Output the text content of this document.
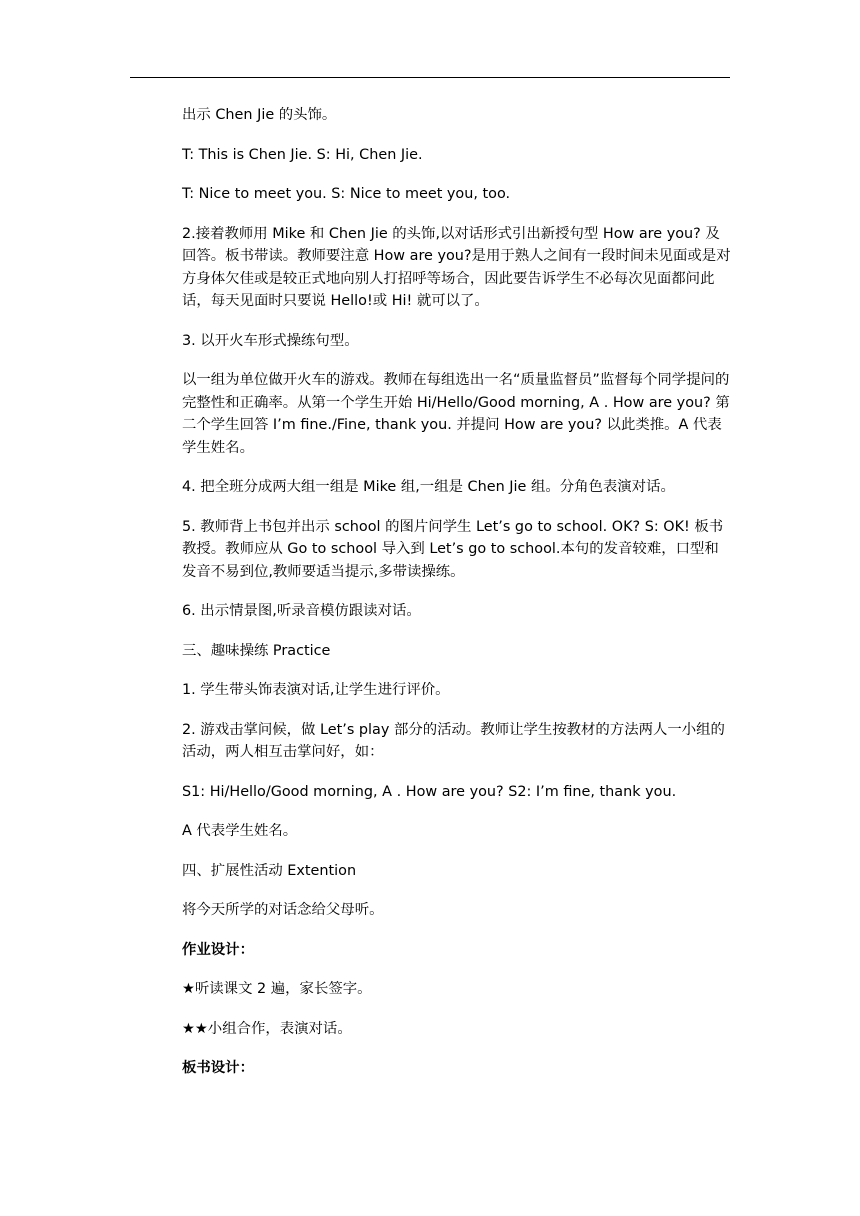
出示 Chen Jie 的头饰。

T: This is Chen Jie. S: Hi, Chen Jie.

T: Nice to meet you. S: Nice to meet you, too.

2.接着教师用 Mike 和 Chen Jie 的头饰,以对话形式引出新授句型 How are you? 及回答。板书带读。教师要注意 How are you?是用于熟人之间有一段时间未见面或是对方身体欠佳或是较正式地向别人打招呼等场合，因此要告诉学生不必每次见面都问此话，每天见面时只要说 Hello!或 Hi! 就可以了。

3. 以开火车形式操练句型。

以一组为单位做开火车的游戏。教师在每组选出一名“质量监督员”监督每个同学提问的完整性和正确率。从第一个学生开始 Hi/Hello/Good morning, A . How are you? 第二个学生回答 I’m fine./Fine, thank you. 并提问 How are you? 以此类推。A 代表学生姓名。

4. 把全班分成两大组一组是 Mike 组,一组是 Chen Jie 组。分角色表演对话。

5. 教师背上书包并出示 school 的图片问学生 Let’s go to school. OK? S: OK! 板书教授。教师应从 Go to school 导入到 Let’s go to school.本句的发音较难，口型和发音不易到位,教师要适当提示,多带读操练。

6. 出示情景图,听录音模仿跟读对话。

三、趣味操练 Practice

1. 学生带头饰表演对话,让学生进行评价。

2. 游戏击掌问候，做 Let’s play 部分的活动。教师让学生按教材的方法两人一小组的活动，两人相互击掌问好，如：

S1: Hi/Hello/Good morning, A . How are you? S2: I’m fine, thank you.

A 代表学生姓名。

四、扩展性活动 Extention

将今天所学的对话念给父母听。

作业设计：

★听读课文 2 遍，家长签字。

★★小组合作，表演对话。

板书设计：
